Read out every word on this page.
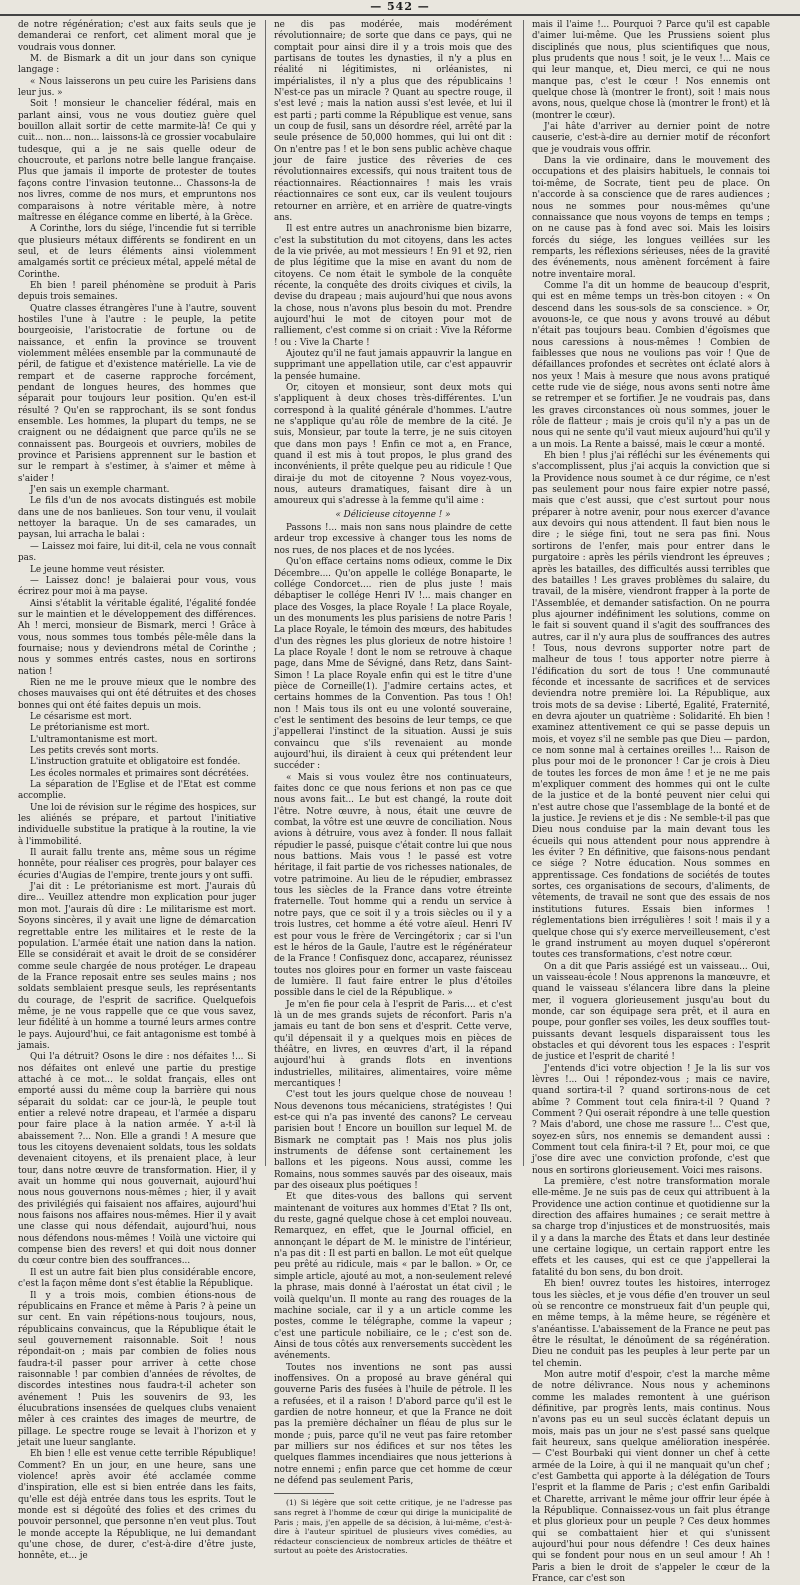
— 542 —

de notre régénération; c'est aux faits seuls que je demanderai ce renfort, cet aliment moral que je voudrais vous donner.

M. de Bismark a dit un jour dans son cynique langage :

« Nous laisserons un peu cuire les Parisiens dans leur jus. »

Soit ! monsieur le chancelier fédéral, mais en parlant ainsi, vous ne vous doutiez guère quel bouillon allait sortir de cette marmite-là! Ce qui y cuit... non... non... laissons-là ce grossier vocabulaire tudesque, qui a je ne sais quelle odeur de choucroute, et parlons notre belle langue française. Plus que jamais il importe de protester de toutes façons contre l'invasion teutonne... Chassons-la de nos livres, comme de nos murs, et empruntons nos comparaisons à notre véritable mère, à notre maîtresse en élégance comme en liberté, à la Grèce.

A Corinthe, lors du siége, l'incendie fut si terrible que plusieurs métaux différents se fondirent en un seul, et de leurs éléments ainsi violemment amalgamés sortit ce précieux métal, appelé métal de Corinthe.

Eh bien ! pareil phénomène se produit à Paris depuis trois semaines.

Quatre classes étrangères l'une à l'autre, souvent hostiles l'une à l'autre : le peuple, la petite bourgeoisie, l'aristocratie de fortune ou de naissance, et enfin la province se trouvent violemment mêlées ensemble par la communauté de péril, de fatigue et d'existence matérielle. La vie de rempart et de caserne rapproche forcément, pendant de longues heures, des hommes que séparait pour toujours leur position. Qu'en est-il résulté ? Qu'en se rapprochant, ils se sont fondus ensemble. Les hommes, la plupart du temps, ne se craignent ou ne dédaignent que parce qu'ils ne se connaissent pas. Bourgeois et ouvriers, mobiles de province et Parisiens apprennent sur le bastion et sur le rempart à s'estimer, à s'aimer et même à s'aider !

J'en sais un exemple charmant.

Le fils d'un de nos avocats distingués est mobile dans une de nos banlieues. Son tour venu, il voulait nettoyer la baraque. Un de ses camarades, un paysan, lui arracha le balai :

— Laissez moi faire, lui dit-il, cela ne vous connaît pas.

Le jeune homme veut résister.

— Laissez donc! je balaierai pour vous, vous écrirez pour moi à ma payse.

Ainsi s'établit la véritable égalité, l'égalité fondée sur le maintien et le développement des différences. Ah ! merci, monsieur de Bismark, merci ! Grâce à vous, nous sommes tous tombés pêle-mêle dans la fournaise; nous y deviendrons métal de Corinthe ; nous y sommes entrés castes, nous en sortirons nation !

Rien ne me le prouve mieux que le nombre des choses mauvaises qui ont été détruites et des choses bonnes qui ont été faites depuis un mois.

Le césarisme est mort.

Le prétorianisme est mort.

L'ultramontanisme est mort.

Les petits crevés sont morts.

L'instruction gratuite et obligatoire est fondée.

Les écoles normales et primaires sont décrétées.

La séparation de l'Eglise et de l'Etat est comme accomplie.

Une loi de révision sur le régime des hospices, sur les aliénés se prépare, et partout l'initiative individuelle substitue la pratique à la routine, la vie à l'immobilité.

Il aurait fallu trente ans, même sous un régime honnête, pour réaliser ces progrès, pour balayer ces écuries d'Augias de l'empire, trente jours y ont suffi.

J'ai dit : Le prétorianisme est mort. J'aurais dû dire... Veuillez attendre mon explication pour juger mon mot. J'aurais dû dire : Le militarisme est mort. Soyons sincères, il y avait une ligne de démarcation regrettable entre les militaires et le reste de la population. L'armée était une nation dans la nation. Elle se considérait et avait le droit de se considérer comme seule chargée de nous protéger. Le drapeau de la France reposait entre ses seules mains ; nos soldats semblaient presque seuls, les représentants du courage, de l'esprit de sacrifice. Quelquefois même, je ne vous rappelle que ce que vous savez, leur fidélité à un homme a tourné leurs armes contre le pays. Aujourd'hui, ce fait antagonisme est tombé à jamais.

Qui l'a détruit? Osons le dire : nos défaites !... Si nos défaites ont enlevé une partie du prestige attaché à ce mot... le soldat français, elles ont emporté aussi du même coup la barrière qui nous séparait du soldat: car ce jour-là, le peuple tout entier a relevé notre drapeau, et l'armée a disparu pour faire place à la nation armée. Y a-t-il là abaissement ?... Non. Elle a grandi ! A mesure que tous les citoyens devenaient soldats, tous les soldats devenaient citoyens, et ils prenaient place, à leur tour, dans notre œuvre de transformation. Hier, il y avait un homme qui nous gouvernait, aujourd'hui nous nous gouvernons nous-mêmes ; hier, il y avait des privilégiés qui faisaient nos affaires, aujourd'hui nous faisons nos affaires nous-mêmes. Hier il y avait une classe qui nous défendait, aujourd'hui, nous nous défendons nous-mêmes ! Voilà une victoire qui compense bien des revers! et qui doit nous donner du cœur contre bien des souffrances...

Il est un autre fait bien plus considérable encore, c'est la façon même dont s'est établie la République.

Il y a trois mois, combien étions-nous de républicains en France et même à Paris ? à peine un sur cent. En vain répétions-nous toujours, nous, républicains convaincus, que la République était le seul gouvernement raisonnable. Soit ! nous répondait-on ; mais par combien de folies nous faudra-t-il passer pour arriver à cette chose raisonnable ! par combien d'années de révoltes, de discordes intestines nous faudra-t-il acheter son avénement ! Puis les souvenirs de 93, les élucubrations insensées de quelques clubs venaient mêler à ces craintes des images de meurtre, de pillage. Le spectre rouge se levait à l'horizon et y jetait une lueur sanglante.

Eh bien ! elle est venue cette terrible République! Comment? En un jour, en une heure, sans une violence! après avoir été acclamée comme d'inspiration, elle est si bien entrée dans les faits, qu'elle est déjà entrée dans tous les esprits. Tout le monde est si dégoûté des folies et des crimes du pouvoir personnel, que personne n'en veut plus. Tout le monde accepte la République, ne lui demandant qu'une chose, de durer, c'est-à-dire d'être juste, honnête, et... je

ne dis pas modérée, mais modérément révolutionnaire; de sorte que dans ce pays, qui ne comptait pour ainsi dire il y a trois mois que des partisans de toutes les dynasties, il n'y a plus en réalité ni légitimistes, ni orléanistes, ni impérialistes, il n'y a plus que des républicains ! N'est-ce pas un miracle ? Quant au spectre rouge, il s'est levé ; mais la nation aussi s'est levée, et lui il est parti ; parti comme la République est venue, sans un coup de fusil, sans un désordre réel, arrêté par la seule présence de 50,000 hommes, qui lui ont dit : On n'entre pas ! et le bon sens public achève chaque jour de faire justice des rêveries de ces révolutionnaires excessifs, qui nous traitent tous de réactionnaires. Réactionnaires ! mais les vrais réactionnaires ce sont eux, car ils veulent toujours retourner en arrière, et en arrière de quatre-vingts ans.

Il est entre autres un anachronisme bien bizarre, c'est la substitution du mot citoyens, dans les actes de la vie privée, au mot messieurs ! En 91 et 92, rien de plus légitime que la mise en avant du nom de citoyens. Ce nom était le symbole de la conquête récente, la conquête des droits civiques et civils, la devise du drapeau ; mais aujourd'hui que nous avons la chose, nous n'avons plus besoin du mot. Prendre aujourd'hui le mot de citoyen pour mot de ralliement, c'est comme si on criait : Vive la Réforme ! ou : Vive la Charte !

Ajoutez qu'il ne faut jamais appauvrir la langue en supprimant une appellation utile, car c'est appauvrir la pensée humaine.

Or, citoyen et monsieur, sont deux mots qui s'appliquent à deux choses très-différentes. L'un correspond à la qualité générale d'hommes. L'autre ne s'applique qu'au rôle de membre de la cité. Je suis, Monsieur, par toute la terre, je ne suis citoyen que dans mon pays ! Enfin ce mot a, en France, quand il est mis à tout propos, le plus grand des inconvénients, il prête quelque peu au ridicule ! Que dirai-je du mot de citoyenne ? Nous voyez-vous, nous, auteurs dramatiques, faisant dire à un amoureux qui s'adresse à la femme qu'il aime :

« Délicieuse citoyenne ! »

Passons !... mais non sans nous plaindre de cette ardeur trop excessive à changer tous les noms de nos rues, de nos places et de nos lycées.

Qu'on efface certains noms odieux, comme le Dix Décembre.... Qu'on appelle le collége Bonaparte, le collége Condorcet.... rien de plus juste ! mais débaptiser le collége Henri IV !... mais changer en place des Vosges, la place Royale ! La place Royale, un des monuments les plus parisiens de notre Paris ! La place Royale, le témoin des mœurs, des habitudes d'un des règnes les plus glorieux de notre histoire ! La place Royale ! dont le nom se retrouve à chaque page, dans Mme de Sévigné, dans Retz, dans Saint-Simon ! La place Royale enfin qui est le titre d'une pièce de Corneille(1). J'admire certains actes, et certains hommes de la Convention. Pas tous ! Oh! non ! Mais tous ils ont eu une volonté souveraine, c'est le sentiment des besoins de leur temps, ce que j'appellerai l'instinct de la situation. Aussi je suis convaincu que s'ils revenaient au monde aujourd'hui, ils diraient à ceux qui prétendent leur succéder :

« Mais si vous voulez être nos continuateurs, faites donc ce que nous ferions et non pas ce que nous avons fait... Le but est changé, la route doit l'être. Notre œuvre, à nous, était une œuvre de combat, la vôtre est une œuvre de conciliation. Nous avions à détruire, vous avez à fonder. Il nous fallait répudier le passé, puisque c'était contre lui que nous nous battions. Mais vous ! le passé est votre héritage, il fait partie de vos richesses nationales, de votre patrimoine. Au lieu de le répudier, embrassez tous les siècles de la France dans votre étreinte fraternelle. Tout homme qui a rendu un service à notre pays, que ce soit il y a trois siècles ou il y a trois lustres, cet homme a été votre aïeul. Henri IV est pour vous le frère de Vercingétorix ; car si l'un est le héros de la Gaule, l'autre est le régénérateur de la France ! Confisquez donc, accaparez, réunissez toutes nos gloires pour en former un vaste faisceau de lumière. Il faut faire entrer le plus d'étoiles possible dans le ciel de la République. »

Je m'en fie pour cela à l'esprit de Paris.... et c'est là un de mes grands sujets de réconfort. Paris n'a jamais eu tant de bon sens et d'esprit. Cette verve, qu'il dépensait il y a quelques mois en pièces de théâtre, en livres, en œuvres d'art, il la répand aujourd'hui à grands flots en inventions industrielles, militaires, alimentaires, voire même mercantiques !

C'est tout les jours quelque chose de nouveau ! Nous devenons tous mécaniciens, stratégistes ! Qui est-ce qui n'a pas inventé des canons? Le cerveau parisien bout ! Encore un bouillon sur lequel M. de Bismark ne comptait pas ! Mais nos plus jolis instruments de défense sont certainement les ballons et les pigeons. Nous aussi, comme les Romains, nous sommes sauvés par des oiseaux, mais par des oiseaux plus poétiques !

Et que dites-vous des ballons qui servent maintenant de voitures aux hommes d'Etat ? Ils ont, du reste, gagné quelque chose à cet emploi nouveau. Remarquez, en effet, que le Journal officiel, en annonçant le départ de M. le ministre de l'intérieur, n'a pas dit : Il est parti en ballon. Le mot eût quelque peu prêté au ridicule, mais « par le ballon. » Or, ce simple article, ajouté au mot, a non-seulement relevé la phrase, mais donné à l'aérostat un état civil ; le voilà quelqu'un. Il monte au rang des rouages de la machine sociale, car il y a un article comme les postes, comme le télégraphe, comme la vapeur ; c'est une particule nobiliaire, ce le ; c'est son de. Ainsi de tous côtés aux renversements succèdent les avénements.

Toutes nos inventions ne sont pas aussi inoffensives. On a proposé au brave général qui gouverne Paris des fusées à l'huile de pétrole. Il les a refusées, et il a raison ! D'abord parce qu'il est le gardien de notre honneur, et que la France ne doit pas la première déchaîner un fléau de plus sur le monde ; puis, parce qu'il ne veut pas faire retomber par milliers sur nos édifices et sur nos têtes les quelques flammes incendiaires que nous jetterions à notre ennemi ; enfin parce que cet homme de cœur ne défend pas seulement Paris,

(1) Si légère que soit cette critique, je ne l'adresse pas sans regret à l'homme de cœur qui dirige la municipalité de Paris ; mais, j'en appelle de sa décision, à lui-même, c'est-à-dire à l'auteur spirituel de plusieurs vives comédies, au rédacteur consciencieux de nombreux articles de théâtre et surtout au poète des Aristocraties.

mais il l'aime !... Pourquoi ? Parce qu'il est capable d'aimer lui-même. Que les Prussiens soient plus disciplinés que nous, plus scientifiques que nous, plus prudents que nous ! soit, je le veux !... Mais ce qui leur manque, et, Dieu merci, ce qui ne nous manque pas, c'est le cœur ! Nos ennemis ont quelque chose là (montrer le front), soit ! mais nous avons, nous, quelque chose là (montrer le front) et là (montrer le cœur).

J'ai hâte d'arriver au dernier point de notre causerie, c'est-à-dire au dernier motif de réconfort que je voudrais vous offrir.

Dans la vie ordinaire, dans le mouvement des occupations et des plaisirs habituels, le connais toi toi-même, de Socrate, tient peu de place. On n'accorde à sa conscience que de rares audiences ; nous ne sommes pour nous-mêmes qu'une connaissance que nous voyons de temps en temps ; on ne cause pas à fond avec soi. Mais les loisirs forcés du siége, les longues veillées sur les remparts, les réflexions sérieuses, nées de la gravité des événements, nous amènent forcément à faire notre inventaire moral.

Comme l'a dit un homme de beaucoup d'esprit, qui est en même temps un très-bon citoyen : « On descend dans les sous-sols de sa conscience. » Or, avouons-le, ce que nous y avons trouvé au début n'était pas toujours beau. Combien d'égoïsmes que nous caressions à nous-mêmes ! Combien de faiblesses que nous ne voulions pas voir ! Que de défaillances profondes et secrètes ont éclaté alors à nos yeux ! Mais à mesure que nous avons pratiqué cette rude vie de siége, nous avons senti notre âme se retremper et se fortifier. Je ne voudrais pas, dans les graves circonstances où nous sommes, jouer le rôle de flatteur ; mais je crois qu'il n'y a pas un de nous qui ne sente qu'il vaut mieux aujourd'hui qu'il y a un mois. La Rente a baissé, mais le cœur a monté.

Eh bien ! plus j'ai réfléchi sur les événements qui s'accomplissent, plus j'ai acquis la conviction que si la Providence nous soumet à ce dur régime, ce n'est pas seulement pour nous faire expier notre passé, mais que c'est aussi, que c'est surtout pour nous préparer à notre avenir, pour nous exercer d'avance aux devoirs qui nous attendent. Il faut bien nous le dire ; le siége fini, tout ne sera pas fini. Nous sortirons de l'enfer, mais pour entrer dans le purgatoire : après les périls viendront les épreuves ; après les batailles, des difficultés aussi terribles que des batailles ! Les graves problèmes du salaire, du travail, de la misère, viendront frapper à la porte de l'Assemblée, et demander satisfaction. On ne pourra plus ajourner indéfiniment les solutions, comme on le fait si souvent quand il s'agit des souffrances des autres, car il n'y aura plus de souffrances des autres ! Tous, nous devrons supporter notre part de malheur de tous ! tous apporter notre pierre à l'édification du sort de tous ! Une communauté féconde et incessante de sacrifices et de services deviendra notre première loi. La République, aux trois mots de sa devise : Liberté, Egalité, Fraternité, en devra ajouter un quatrième : Solidarité. Eh bien ! examinez attentivement ce qui se passe depuis un mois, et voyez s'il ne semble pas que Dieu — pardon, ce nom sonne mal à certaines oreilles !... Raison de plus pour moi de le prononcer ! Car je crois à Dieu de toutes les forces de mon âme ! et je ne me pais m'expliquer comment des hommes qui ont le culte de la justice et de la bonté peuvent nier celui qui n'est autre chose que l'assemblage de la bonté et de la justice. Je reviens et je dis : Ne semble-t-il pas que Dieu nous conduise par la main devant tous les écueils qui nous attendent pour nous apprendre à les éviter ? En définitive, que faisons-nous pendant ce siége ? Notre éducation. Nous sommes en apprentissage. Ces fondations de sociétés de toutes sortes, ces organisations de secours, d'aliments, de vêtements, de travail ne sont que des essais de nos institutions futures. Essais bien informes ! réglementations bien irrégulières ! soit ! mais il y a quelque chose qui s'y exerce merveilleusement, c'est le grand instrument au moyen duquel s'opéreront toutes ces transformations, c'est notre cœur.

On a dit que Paris assiégé est un vaisseau... Oui, un vaisseau-école ! Nous apprenons la manœuvre, et quand le vaisseau s'élancera libre dans la pleine mer, il voguera glorieusement jusqu'au bout du monde, car son équipage sera prêt, et il aura en poupe, pour gonfler ses voiles, les deux souffles tout-puissants devant lesquels disparaissent tous les obstacles et qui dévorent tous les espaces : l'esprit de justice et l'esprit de charité !

J'entends d'ici votre objection ! Je la lis sur vos lèvres !... Oui ! répondez-vous ; mais ce navire, quand sortira-t-il ? quand sortirons-nous de cet abîme ? Comment tout cela finira-t-il ? Quand ? Comment ? Qui oserait répondre à une telle question ? Mais d'abord, une chose me rassure !... C'est que, soyez-en sûrs, nos ennemis se demandent aussi : Comment tout cela finira-t-il ? Et, pour moi, ce que j'ose dire avec une conviction profonde, c'est que nous en sortirons glorieusement. Voici mes raisons.

La première, c'est notre transformation morale elle-même. Je ne suis pas de ceux qui attribuent à la Providence une action continue et quotidienne sur la direction des affaires humaines ; ce serait mettre à sa charge trop d'injustices et de monstruosités, mais il y a dans la marche des États et dans leur destinée une certaine logique, un certain rapport entre les effets et les causes, qui est ce que j'appellerai la fatalité du bon sens, du bon droit.

Eh bien! ouvrez toutes les histoires, interrogez tous les siècles, et je vous défie d'en trouver un seul où se rencontre ce monstrueux fait d'un peuple qui, en même temps, à la même heure, se régénère et s'anéantisse. L'abaissement de la France ne peut pas être le résultat, le dénoûment de sa régénération. Dieu ne conduit pas les peuples à leur perte par un tel chemin.

Mon autre motif d'espoir, c'est la marche même de notre délivrance. Nous nous y acheminons comme les malades remontent à une guérison définitive, par progrès lents, mais continus. Nous n'avons pas eu un seul succès éclatant depuis un mois, mais pas un jour ne s'est passé sans quelque fait heureux, sans quelque amélioration inespérée. — C'est Bourbaki qui vient donner un chef à cette armée de la Loire, à qui il ne manquait qu'un chef ; c'est Gambetta qui apporte à la délégation de Tours l'esprit et la flamme de Paris ; c'est enfin Garibaldi et Charette, arrivant le même jour offrir leur épée à la République. Connaissez-vous un fait plus étrange et plus glorieux pour un peuple ? Ces deux hommes qui se combattaient hier et qui s'unissent aujourd'hui pour nous défendre ! Ces deux haines qui se fondent pour nous en un seul amour ! Ah ! Paris a bien le droit de s'appeler le cœur de la France, car c'est son
